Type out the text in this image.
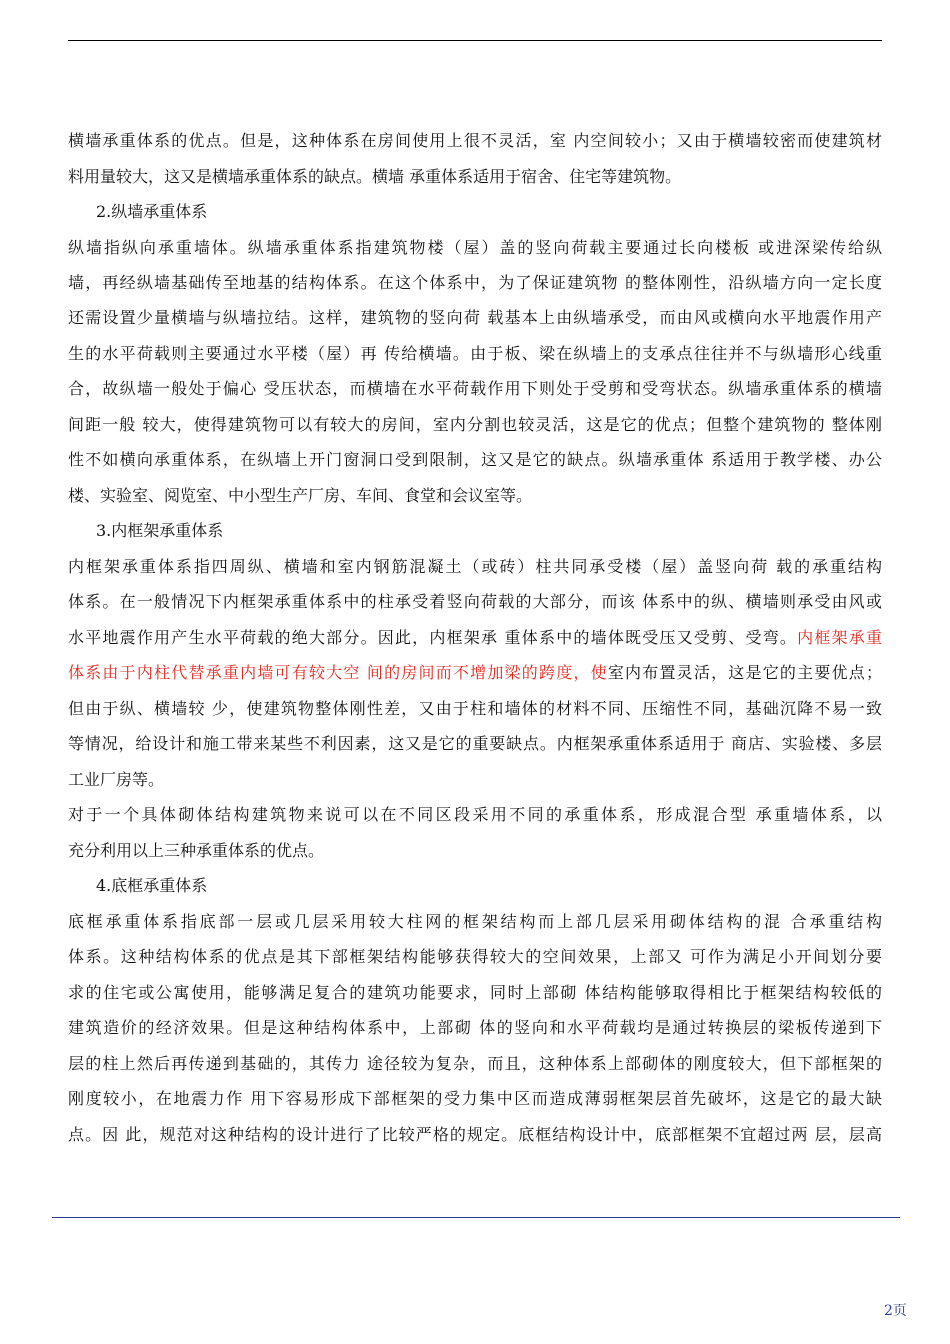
横墙承重体系的优点。但是，这种体系在房间使用上很不灵活，室 内空间较小；又由于横墙较密而使建筑材
料用量较大，这又是横墙承重体系的缺点。横墙 承重体系适用于宿舍、住宅等建筑物。
2.纵墙承重体系
纵墙指纵向承重墙体。纵墙承重体系指建筑物楼（屋）盖的竖向荷载主要通过长向楼板 或进深梁传给纵
墙，再经纵墙基础传至地基的结构体系。在这个体系中，为了保证建筑物 的整体刚性，沿纵墙方向一定长度
还需设置少量横墙与纵墙拉结。这样，建筑物的竖向荷 载基本上由纵墙承受，而由风或横向水平地震作用产
生的水平荷载则主要通过水平楼（屋）再 传给横墙。由于板、梁在纵墙上的支承点往往并不与纵墙形心线重
合，故纵墙一般处于偏心 受压状态，而横墙在水平荷载作用下则处于受剪和受弯状态。纵墙承重体系的横墙
间距一般 较大，使得建筑物可以有较大的房间，室内分割也较灵活，这是它的优点；但整个建筑物的 整体刚
性不如横向承重体系，在纵墙上开门窗洞口受到限制，这又是它的缺点。纵墙承重体 系适用于教学楼、办公
楼、实验室、阅览室、中小型生产厂房、车间、食堂和会议室等。
3.内框架承重体系
内框架承重体系指四周纵、横墙和室内钢筋混凝土（或砖）柱共同承受楼（屋）盖竖向荷 载的承重结构
体系。在一般情况下内框架承重体系中的柱承受着竖向荷载的大部分，而该 体系中的纵、横墙则承受由风或
水平地震作用产生水平荷载的绝大部分。因此，内框架承 重体系中的墙体既受压又受剪、受弯。内框架承重
体系由于内柱代替承重内墙可有较大空 间的房间而不增加梁的跨度，使室内布置灵活，这是它的主要优点；
但由于纵、横墙较 少，使建筑物整体刚性差，又由于柱和墙体的材料不同、压缩性不同，基础沉降不易一致
等情况，给设计和施工带来某些不利因素，这又是它的重要缺点。内框架承重体系适用于 商店、实验楼、多层
工业厂房等。
对于一个具体砌体结构建筑物来说可以在不同区段采用不同的承重体系，形成混合型 承重墙体系，以
充分利用以上三种承重体系的优点。
4.底框承重体系
底框承重体系指底部一层或几层采用较大柱网的框架结构而上部几层采用砌体结构的混 合承重结构
体系。这种结构体系的优点是其下部框架结构能够获得较大的空间效果，上部又 可作为满足小开间划分要
求的住宅或公寓使用，能够满足复合的建筑功能要求，同时上部砌 体结构能够取得相比于框架结构较低的
建筑造价的经济效果。但是这种结构体系中，上部砌 体的竖向和水平荷载均是通过转换层的梁板传递到下
层的柱上然后再传递到基础的，其传力 途径较为复杂，而且，这种体系上部砌体的刚度较大，但下部框架的
刚度较小，在地震力作 用下容易形成下部框架的受力集中区而造成薄弱框架层首先破坏，这是它的最大缺
点。因 此，规范对这种结构的设计进行了比较严格的规定。底框结构设计中，底部框架不宜超过两 层，层高
2页
